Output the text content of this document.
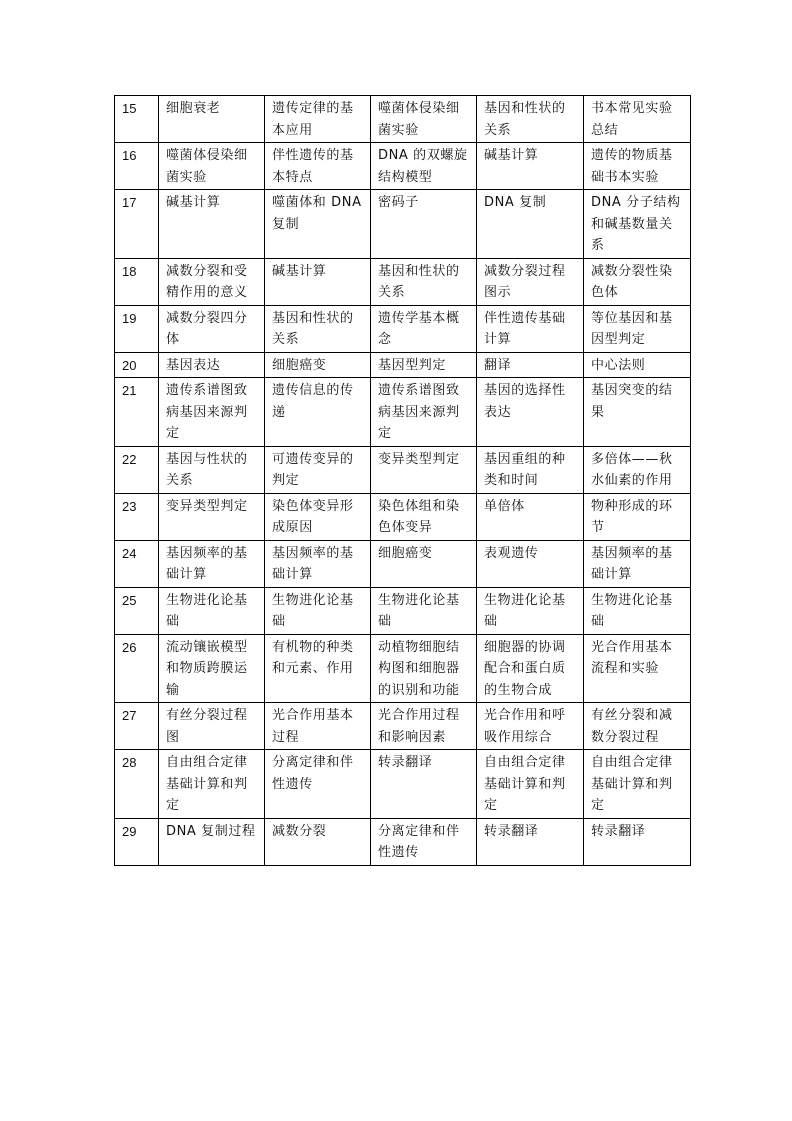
15	细胞衰老	遗传定律的基本应用	噬菌体侵染细菌实验	基因和性状的关系	书本常见实验总结
16	噬菌体侵染细菌实验	伴性遗传的基本特点	DNA 的双螺旋结构模型	碱基计算	遗传的物质基础书本实验
17	碱基计算	噬菌体和 DNA 复制	密码子	DNA 复制	DNA 分子结构和碱基数量关系
18	减数分裂和受精作用的意义	碱基计算	基因和性状的关系	减数分裂过程图示	减数分裂性染色体
19	减数分裂四分体	基因和性状的关系	遗传学基本概念	伴性遗传基础计算	等位基因和基因型判定
20	基因表达	细胞癌变	基因型判定	翻译	中心法则
21	遗传系谱图致病基因来源判定	遗传信息的传递	遗传系谱图致病基因来源判定	基因的选择性表达	基因突变的结果
22	基因与性状的关系	可遗传变异的判定	变异类型判定	基因重组的种类和时间	多倍体——秋水仙素的作用
23	变异类型判定	染色体变异形成原因	染色体组和染色体变异	单倍体	物种形成的环节
24	基因频率的基础计算	基因频率的基础计算	细胞癌变	表观遗传	基因频率的基础计算
25	生物进化论基础	生物进化论基础	生物进化论基础	生物进化论基础	生物进化论基础
26	流动镶嵌模型和物质跨膜运输	有机物的种类和元素、作用	动植物细胞结构图和细胞器的识别和功能	细胞器的协调配合和蛋白质的生物合成	光合作用基本流程和实验
27	有丝分裂过程图	光合作用基本过程	光合作用过程和影响因素	光合作用和呼吸作用综合	有丝分裂和减数分裂过程
28	自由组合定律基础计算和判定	分离定律和伴性遗传	转录翻译	自由组合定律基础计算和判定	自由组合定律基础计算和判定
29	DNA 复制过程	减数分裂	分离定律和伴性遗传	转录翻译	转录翻译
